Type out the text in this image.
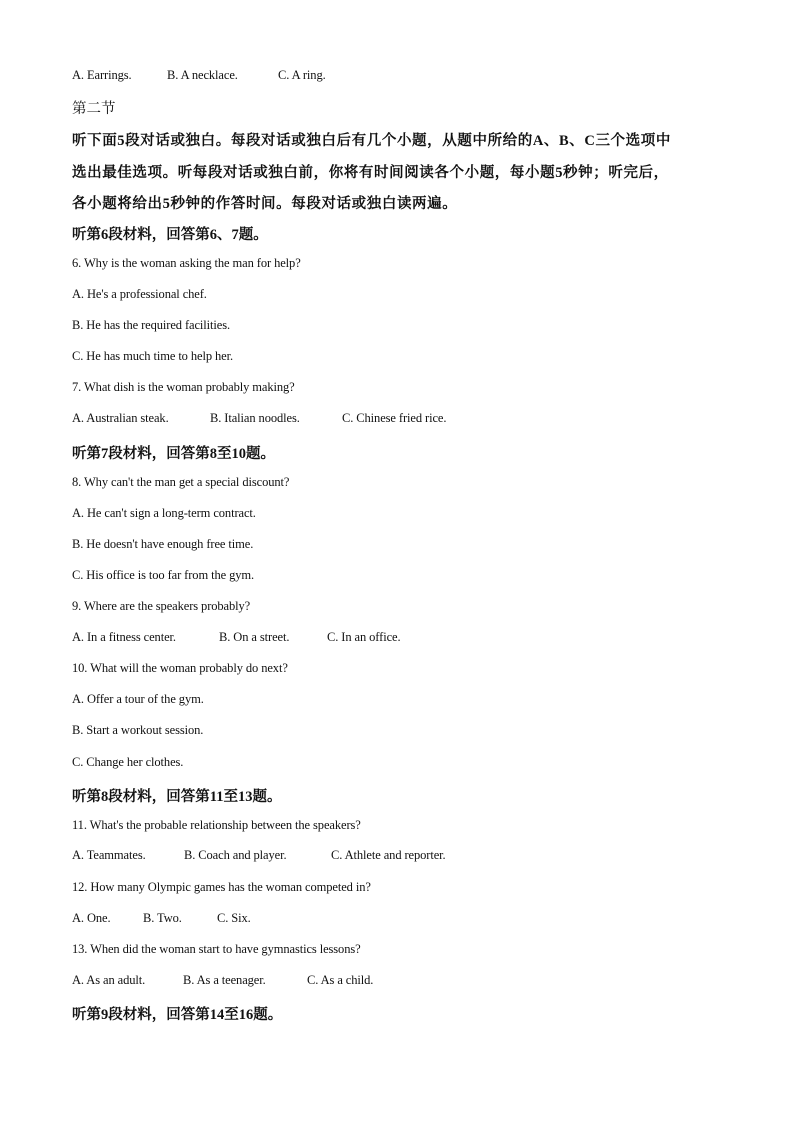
A. Earrings.	B. A necklace.	C. A ring.
第二节
听下面5段对话或独白。每段对话或独白后有几个小题，从题中所给的A、B、C三个选项中
选出最佳选项。听每段对话或独白前，你将有时间阅读各个小题，每小题5秒钟；听完后，
各小题将给出5秒钟的作答时间。每段对话或独白读两遍。
听第6段材料，回答第6、7题。
6. Why is the woman asking the man for help?
A. He's a professional chef.
B. He has the required facilities.
C. He has much time to help her.
7. What dish is the woman probably making?
A. Australian steak.	B. Italian noodles.	C. Chinese fried rice.
听第7段材料，回答第8至10题。
8. Why can't the man get a special discount?
A. He can't sign a long-term contract.
B. He doesn't have enough free time.
C. His office is too far from the gym.
9. Where are the speakers probably?
A. In a fitness center.	B. On a street.	C. In an office.
10. What will the woman probably do next?
A. Offer a tour of the gym.
B. Start a workout session.
C. Change her clothes.
听第8段材料，回答第11至13题。
11. What's the probable relationship between the speakers?
A. Teammates.	B. Coach and player.	C. Athlete and reporter.
12. How many Olympic games has the woman competed in?
A. One.	B. Two.	C. Six.
13. When did the woman start to have gymnastics lessons?
A. As an adult.	B. As a teenager.	C. As a child.
听第9段材料，回答第14至16题。
